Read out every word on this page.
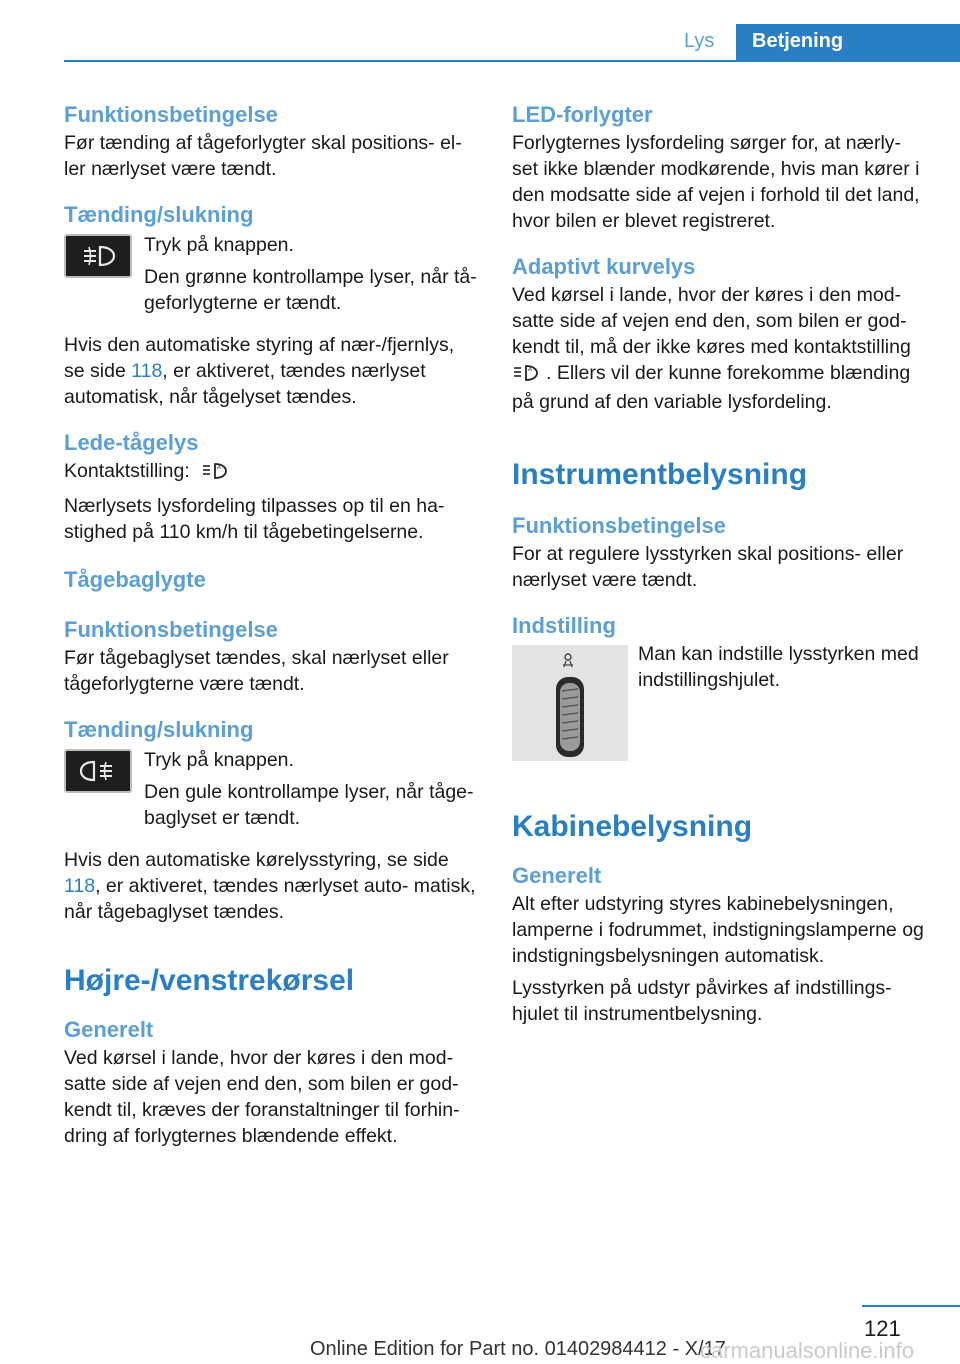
Lys	Betjening

Funktionsbetingelse

Før tænding af tågeforlygter skal positions- el- ler nærlyset være tændt.

Tænding/slukning

Tryk på knappen.

Den grønne kontrollampe lyser, når tå- geforlygterne er tændt.

Hvis den automatiske styring af nær-/fjernlys, se side 118, er aktiveret, tændes nærlyset automatisk, når tågelyset tændes.

Lede-tågelys

Kontaktstilling:	A

Nærlysets lysfordeling tilpasses op til en ha- stighed på 110 km/h til tågebetingelserne.

Tågebaglygte

Funktionsbetingelse

Før tågebaglyset tændes, skal nærlyset eller tågeforlygterne være tændt.

Tænding/slukning

Tryk på knappen.

Den gule kontrollampe lyser, når tåge- baglyset er tændt.

Hvis den automatiske kørelysstyring, se side 118, er aktiveret, tændes nærlyset auto- matisk, når tågebaglyset tændes.

Højre-/venstrekørsel

Generelt

Ved kørsel i lande, hvor der køres i den mod- satte side af vejen end den, som bilen er god- kendt til, kræves der foranstaltninger til forhin- dring af forlygternes blændende effekt.

LED-forlygter

Forlygternes lysfordeling sørger for, at nærly- set ikke blænder modkørende, hvis man kører i den modsatte side af vejen i forhold til det land, hvor bilen er blevet registreret.

Adaptivt kurvelys

Ved kørsel i lande, hvor der køres i den mod- satte side af vejen end den, som bilen er god- kendt til, må der ikke køres med kontaktstilling

A . Ellers vil der kunne forekomme blænding på grund af den variable lysfordeling.

Instrumentbelysning

Funktionsbetingelse

For at regulere lysstyrken skal positions- eller nærlyset være tændt.

Indstilling

Man kan indstille lysstyrken med indstillingshjulet.

Kabinebelysning

Generelt

Alt efter udstyring styres kabinebelysningen, lamperne i fodrummet, indstigningslamperne og indstigningsbelysningen automatisk.

Lysstyrken på udstyr påvirkes af indstillings- hjulet til instrumentbelysning.

121
Online Edition for Part no. 01402984412 - X/17
carmanualsonline.info
